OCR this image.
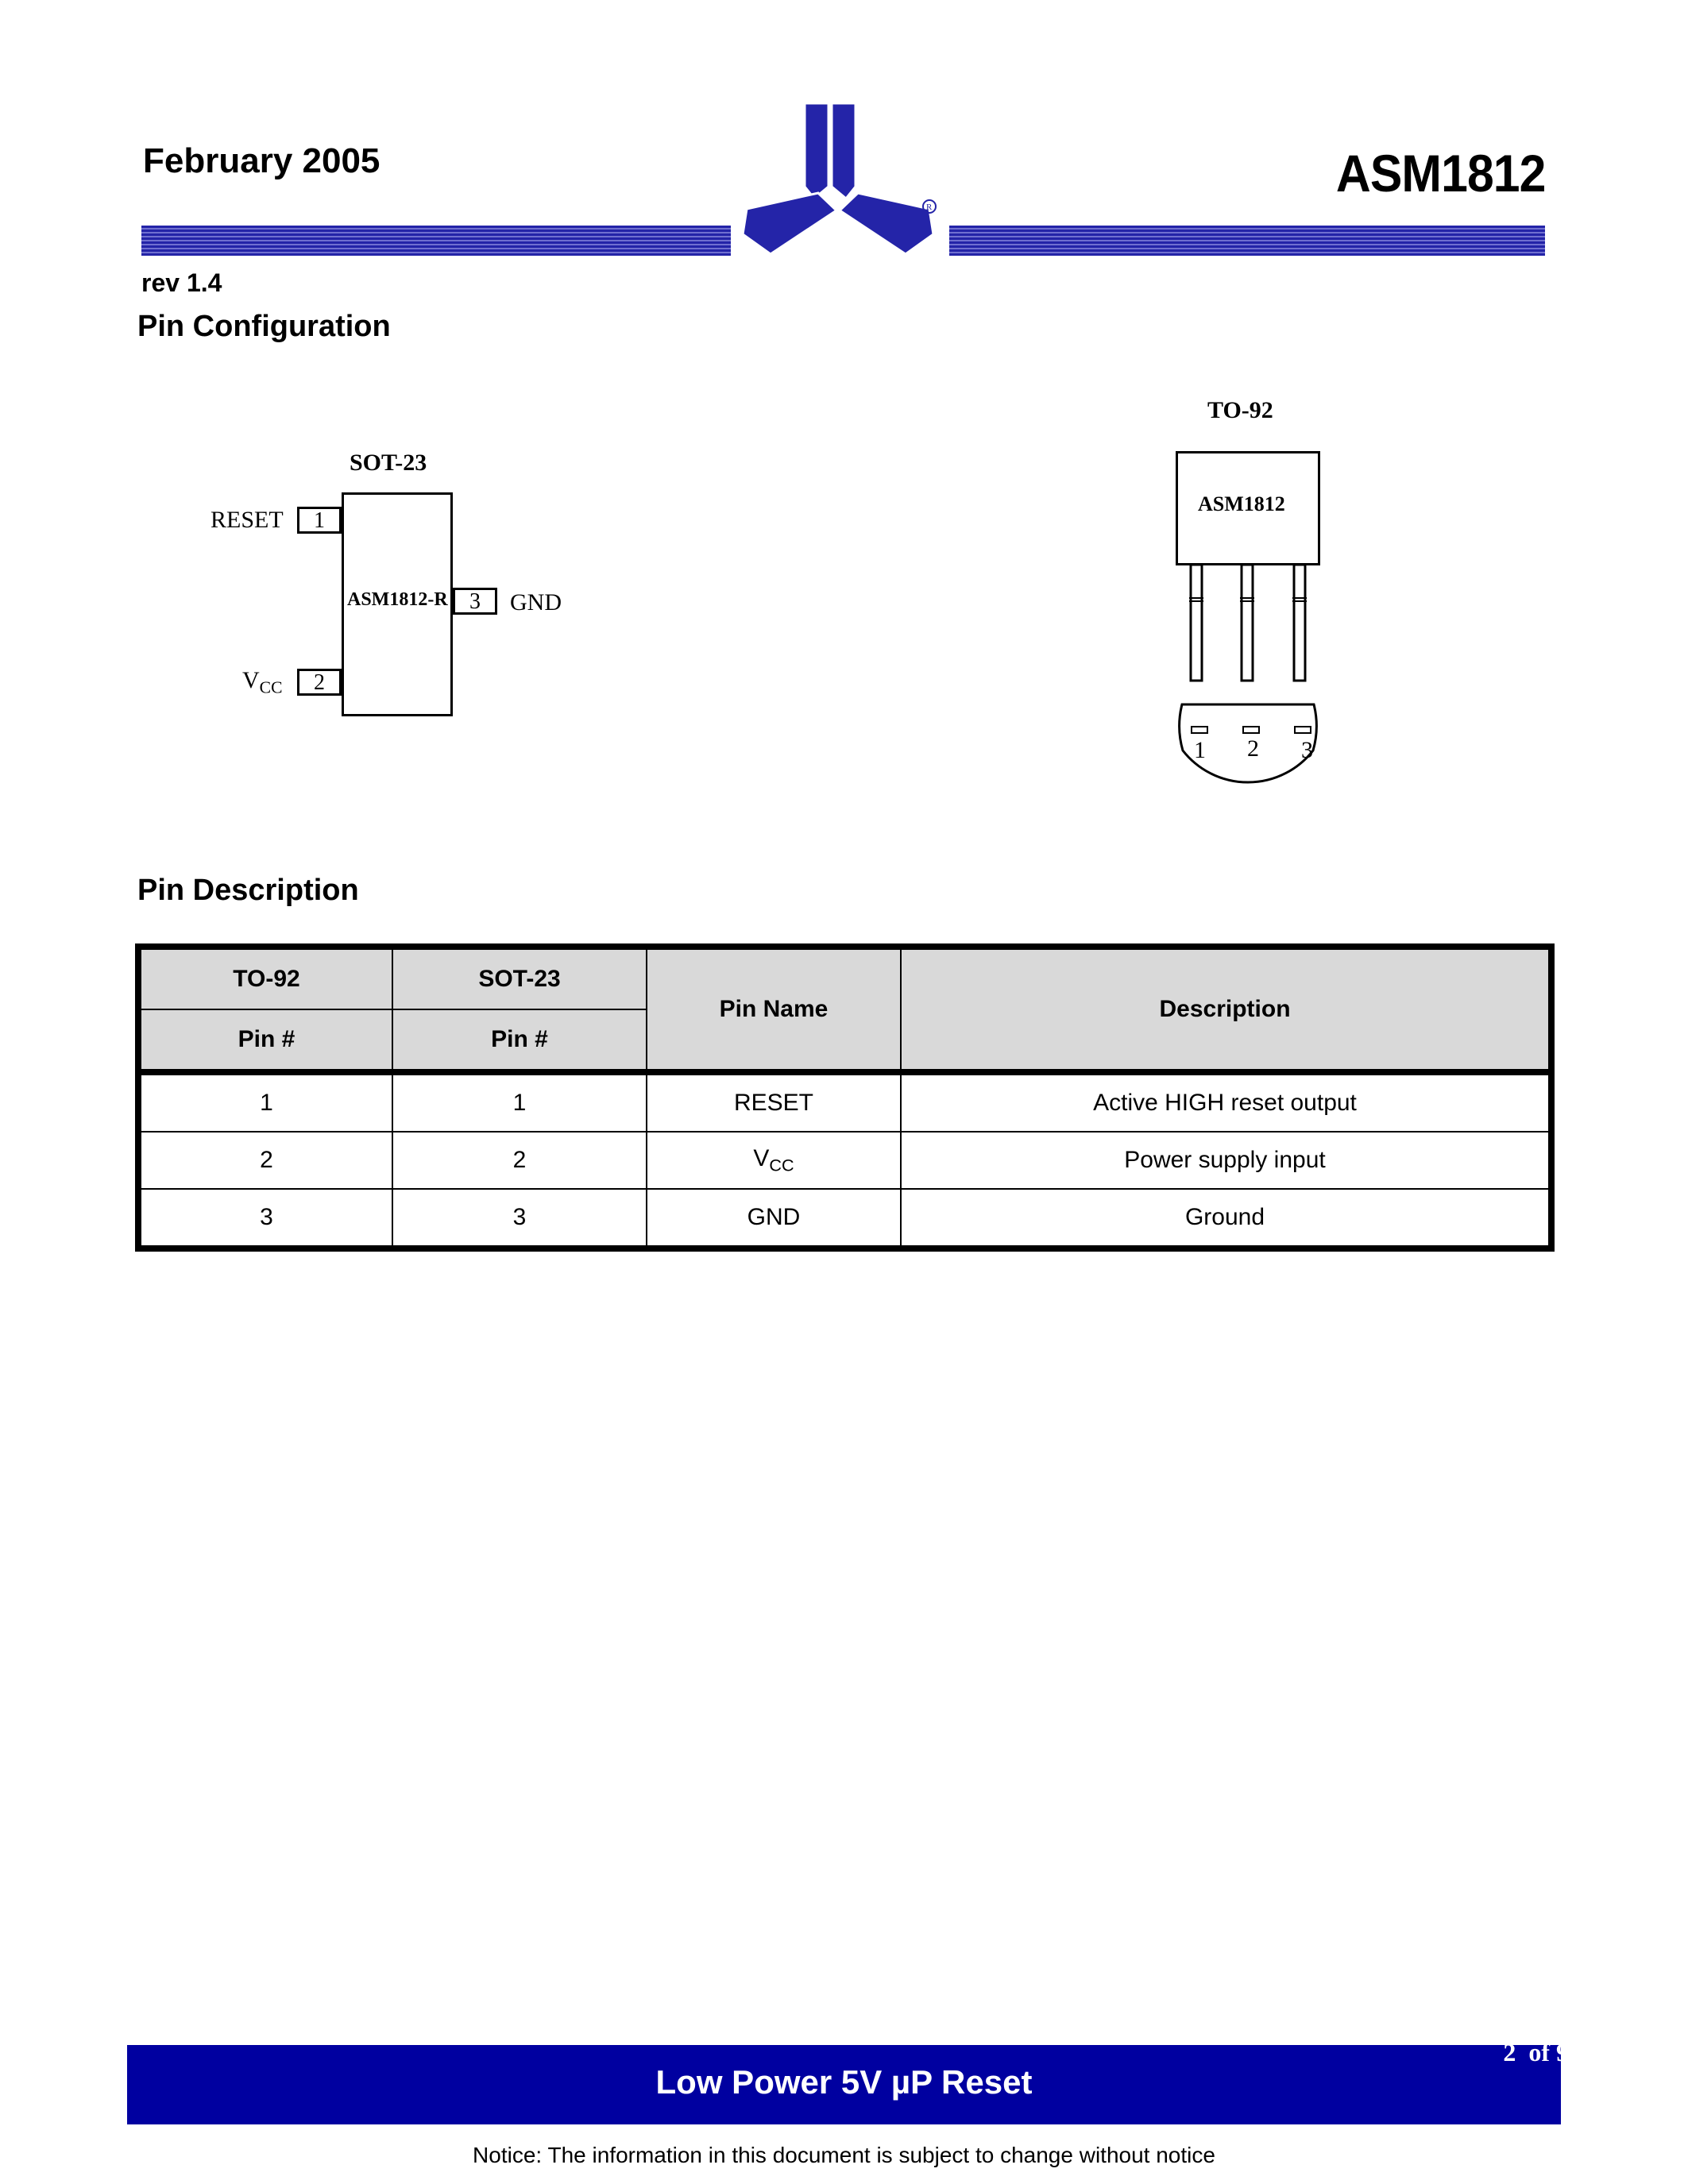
February 2005	ASM1812
R
rev 1.4
Pin Configuration
SOT-23
ASM1812-R
1
RESET
2
$V_{CC}$
3	GND
TO-92
ASM1812
1 2 3
Pin Description
TO-92	SOT-23	Pin Name	Description
Pin #	Pin #		
1	1	RESET	Active HIGH reset output
2	2	$V_{CC}$	Power supply input
3	3	GND	Ground
Low Power 5V µP Reset
2  of 9
Notice: The information in this document is subject to change without notice
